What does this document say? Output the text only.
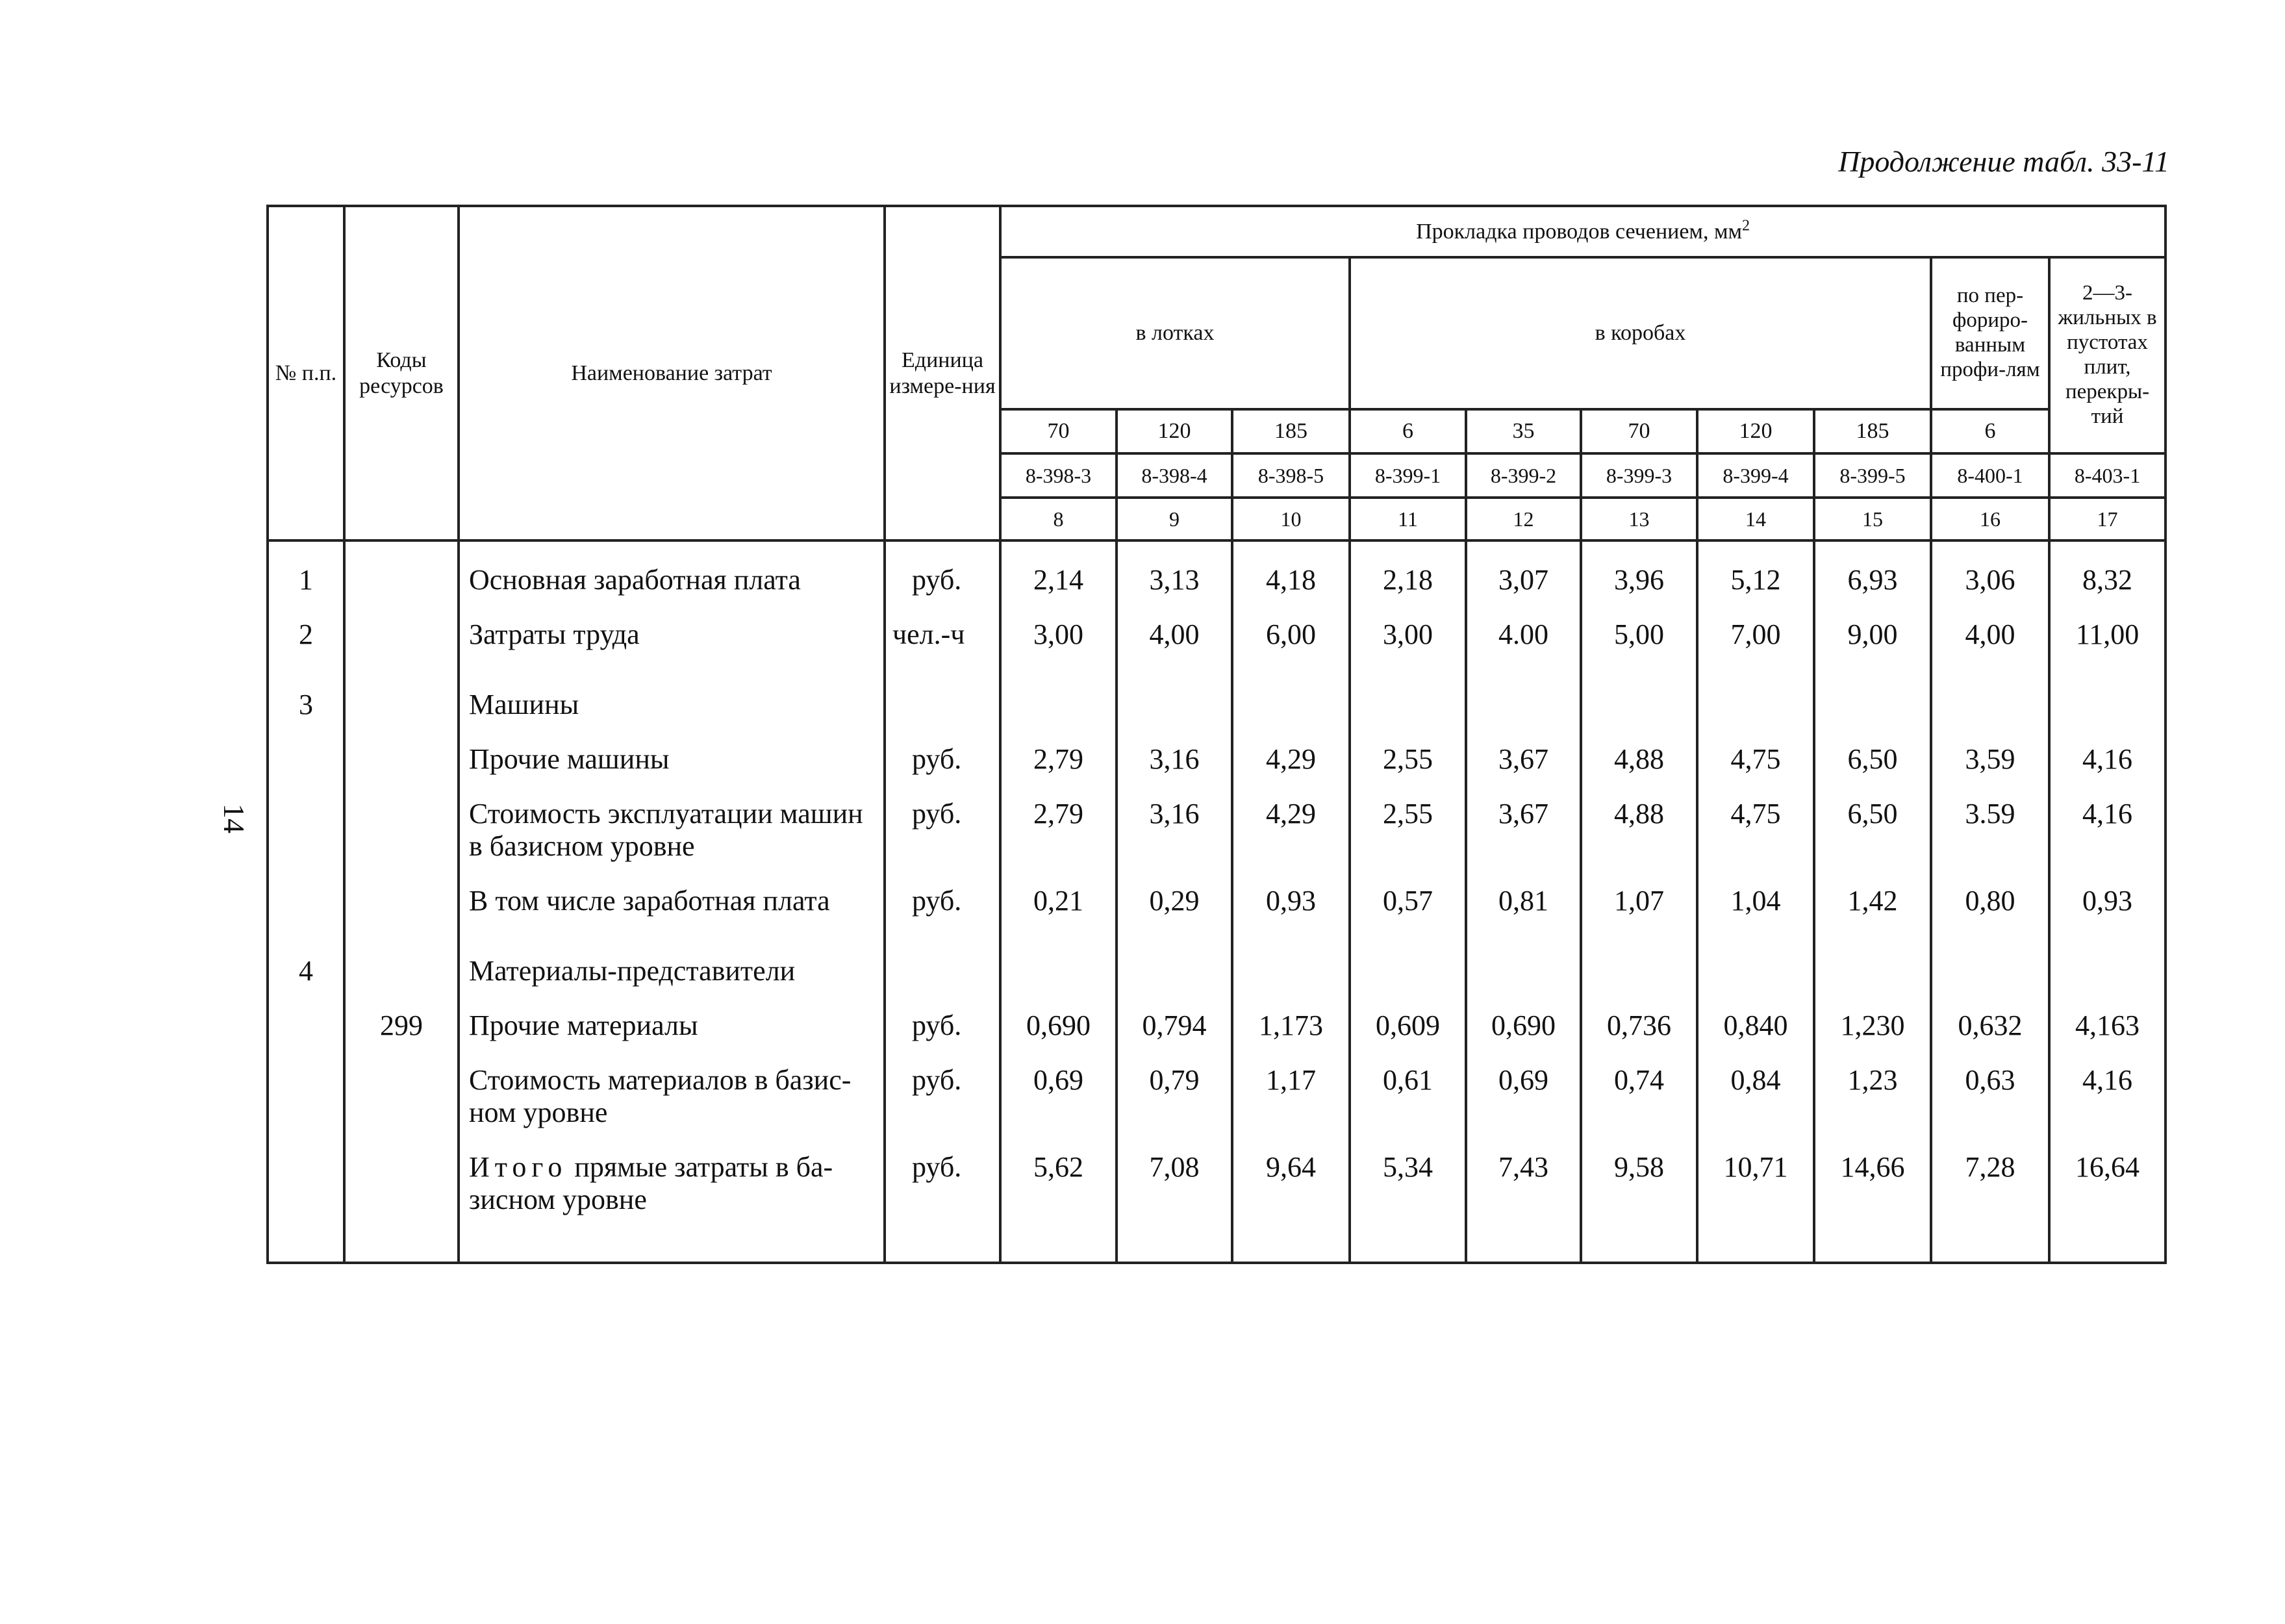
Продолжение табл. 33-11
14
№ п.п.	Коды ресурсов	Наименование затрат	Единица измере-ния	Прокладка проводов сечением, $мм^2$
				в лотках			в коробах					по пер-фориро-ванным профи-лям	2—3-жильных в пустотах плит, перекры-тий
				70	120	185	6	35	70	120	185	6	
				8-398-3	8-398-4	8-398-5	8-399-1	8-399-2	8-399-3	8-399-4	8-399-5	8-400-1	8-403-1
				8	9	10	11	12	13	14	15	16	17
1		Основная заработная плата	руб.	2,14	3,13	4,18	2,18	3,07	3,96	5,12	6,93	3,06	8,32
2		Затраты труда	чел.-ч	3,00	4,00	6,00	3,00	4.00	5,00	7,00	9,00	4,00	11,00
3		Машины											
		Прочие машины	руб.	2,79	3,16	4,29	2,55	3,67	4,88	4,75	6,50	3,59	4,16
		Стоимость эксплуатации машин в базисном уровне	руб.	2,79	3,16	4,29	2,55	3,67	4,88	4,75	6,50	3.59	4,16
		В том числе заработная плата	руб.	0,21	0,29	0,93	0,57	0,81	1,07	1,04	1,42	0,80	0,93
4		Материалы-представители											
	299	Прочие материалы	руб.	0,690	0,794	1,173	0,609	0,690	0,736	0,840	1,230	0,632	4,163
		Стоимость материалов в базис-ном уровне	руб.	0,69	0,79	1,17	0,61	0,69	0,74	0,84	1,23	0,63	4,16
		Итого прямые затраты в ба-зисном уровне	руб.	5,62	7,08	9,64	5,34	7,43	9,58	10,71	14,66	7,28	16,64
